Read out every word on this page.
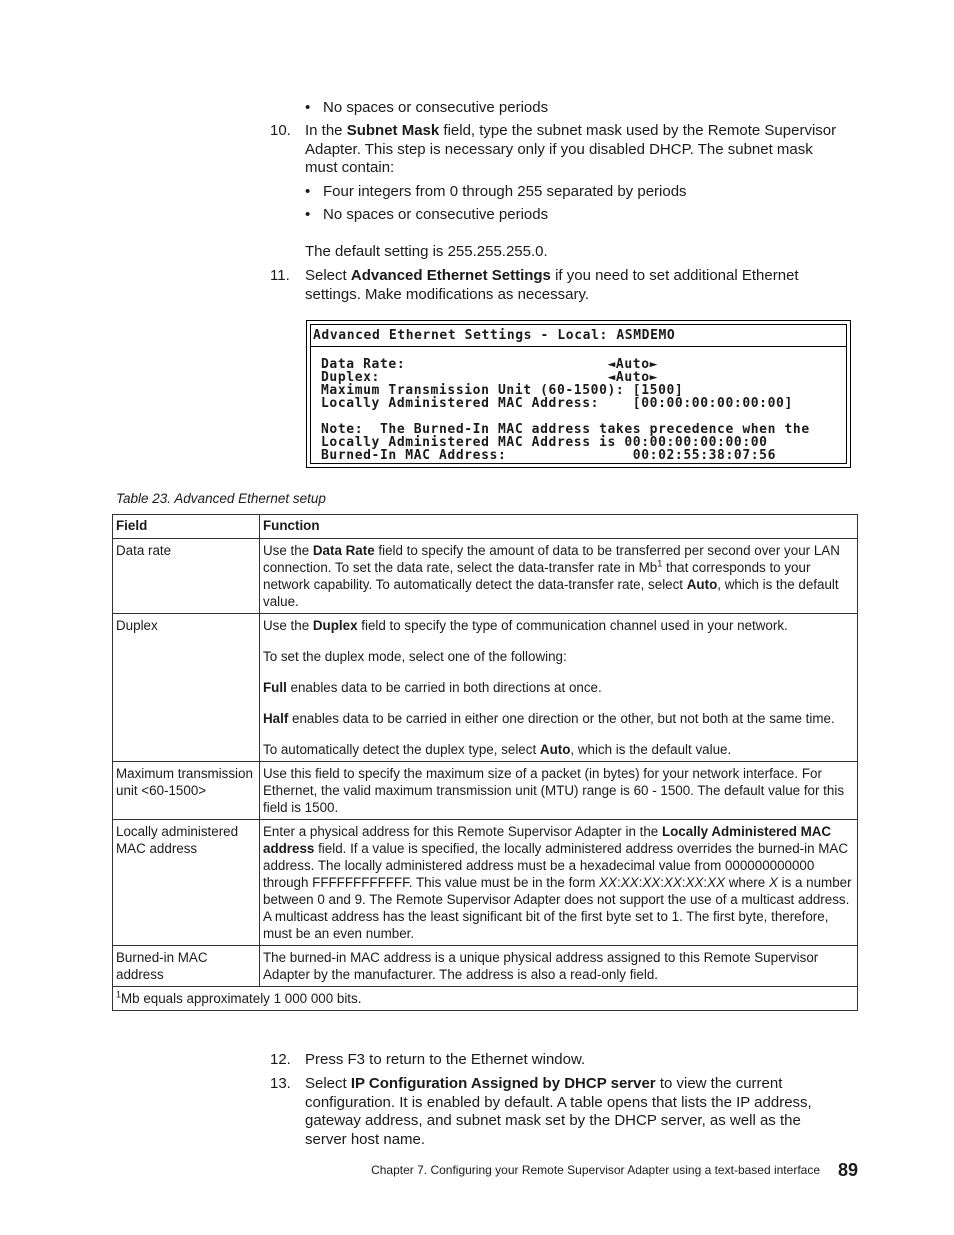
• No spaces or consecutive periods
10. In the Subnet Mask field, type the subnet mask used by the Remote Supervisor Adapter. This step is necessary only if you disabled DHCP. The subnet mask must contain:
• Four integers from 0 through 255 separated by periods
• No spaces or consecutive periods
The default setting is 255.255.255.0.
11. Select Advanced Ethernet Settings if you need to set additional Ethernet settings. Make modifications as necessary.
Advanced Ethernet Settings - Local: ASMDEMO
Data Rate:                        ◄Auto►
Duplex:                           ◄Auto►
Maximum Transmission Unit (60-1500): [1500]
Locally Administered MAC Address:    [00:00:00:00:00:00]
Note:  The Burned-In MAC address takes precedence when the
Locally Administered MAC Address is 00:00:00:00:00:00
Burned-In MAC Address:               00:02:55:38:07:56
Table 23. Advanced Ethernet setup
Field	Function
Data rate	Use the Data Rate field to specify the amount of data to be transferred per second over your LAN connection. To set the data rate, select the data-transfer rate in Mb$^1$ that corresponds to your network capability. To automatically detect the data-transfer rate, select Auto, which is the default value.
Duplex	Use the Duplex field to specify the type of communication channel used in your network.

To set the duplex mode, select one of the following:

Full enables data to be carried in both directions at once.

Half enables data to be carried in either one direction or the other, but not both at the same time.

To automatically detect the duplex type, select Auto, which is the default value.

Maximum transmission unit <60-1500>	Use this field to specify the maximum size of a packet (in bytes) for your network interface. For Ethernet, the valid maximum transmission unit (MTU) range is 60 - 1500. The default value for this field is 1500.
Locally administered MAC address	Enter a physical address for this Remote Supervisor Adapter in the Locally Administered MAC address field. If a value is specified, the locally administered address overrides the burned-in MAC address. The locally administered address must be a hexadecimal value from 000000000000 through FFFFFFFFFFFF. This value must be in the form XX:XX:XX:XX:XX:XX where X is a number between 0 and 9. The Remote Supervisor Adapter does not support the use of a multicast address. A multicast address has the least significant bit of the first byte set to 1. The first byte, therefore, must be an even number.
Burned-in MAC address	The burned-in MAC address is a unique physical address assigned to this Remote Supervisor Adapter by the manufacturer. The address is also a read-only field.
$^1$Mb equals approximately 1 000 000 bits.	
12. Press F3 to return to the Ethernet window.
13. Select IP Configuration Assigned by DHCP server to view the current configuration. It is enabled by default. A table opens that lists the IP address, gateway address, and subnet mask set by the DHCP server, as well as the server host name.
Chapter 7. Configuring your Remote Supervisor Adapter using a text-based interface 89
